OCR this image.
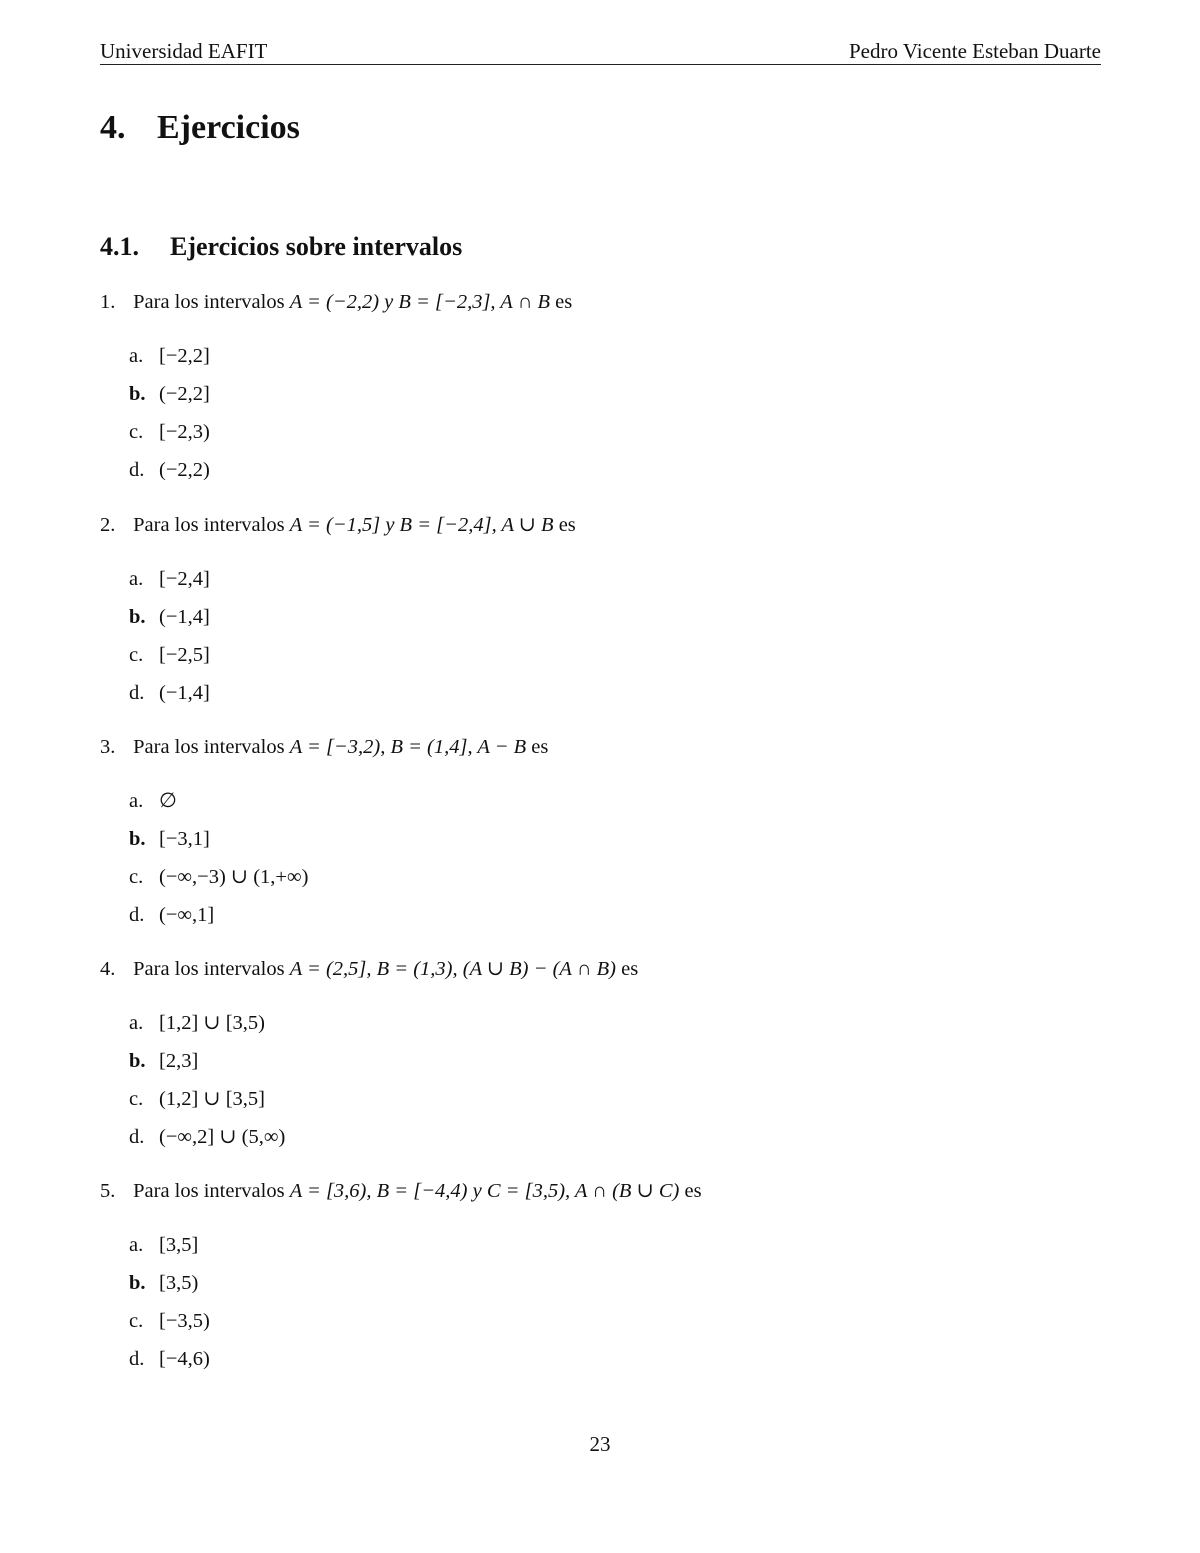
Universidad EAFIT	Pedro Vicente Esteban Duarte
4. Ejercicios
4.1. Ejercicios sobre intervalos
1. Para los intervalos A = (−2,2) y B = [−2,3], A ∩ B es
a. [−2,2]
b. (−2,2]
c. [−2,3)
d. (−2,2)
2. Para los intervalos A = (−1,5] y B = [−2,4], A ∪ B es
a. [−2,4]
b. (−1,4]
c. [−2,5]
d. (−1,4]
3. Para los intervalos A = [−3,2), B = (1,4], A − B es
a. ∅
b. [−3,1]
c. (−∞,−3) ∪ (1,+∞)
d. (−∞,1]
4. Para los intervalos A = (2,5], B = (1,3), (A ∪ B) − (A ∩ B) es
a. [1,2] ∪ [3,5)
b. [2,3]
c. (1,2] ∪ [3,5]
d. (−∞,2] ∪ (5,∞)
5. Para los intervalos A = [3,6), B = [−4,4) y C = [3,5), A ∩ (B ∪ C) es
a. [3,5]
b. [3,5)
c. [−3,5)
d. [−4,6)
23
